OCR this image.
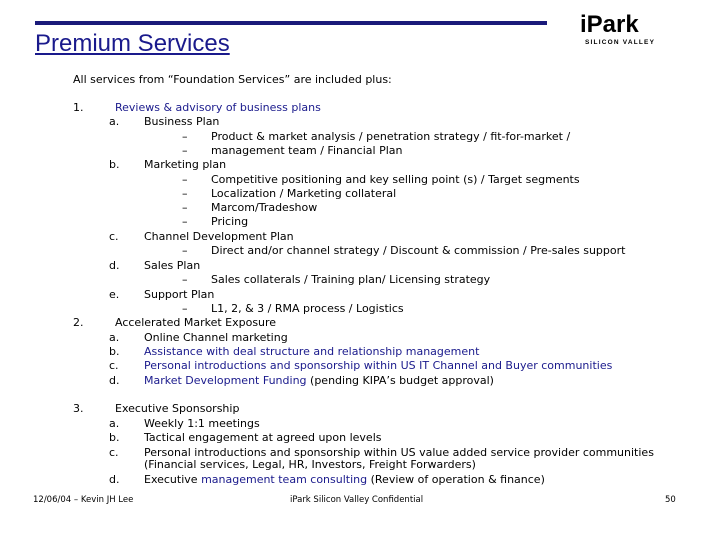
Premium Services
iPark
SILICON VALLEY
All services from “Foundation Services” are included plus:
1.	Reviews & advisory of business plans
a. Business Plan
– Product & market analysis / penetration strategy / fit-for-market /
– management team / Financial Plan
b. Marketing plan
– Competitive positioning and key selling point (s) / Target segments
– Localization / Marketing collateral
– Marcom/Tradeshow
– Pricing
c. Channel Development Plan
– Direct and/or channel strategy / Discount & commission / Pre-sales support
d. Sales Plan
– Sales collaterals / Training plan/ Licensing strategy
e. Support Plan
– L1, 2, & 3 / RMA process / Logistics
2.	Accelerated Market Exposure
a. Online Channel marketing
b. Assistance with deal structure and relationship management
c. Personal introductions and sponsorship within US IT Channel and Buyer communities
d. Market Development Funding (pending KIPA’s budget approval)
3.	Executive Sponsorship
a. Weekly 1:1 meetings
b. Tactical engagement at agreed upon levels
c. Personal introductions and sponsorship within US value added service provider communities
(Financial services, Legal, HR, Investors, Freight Forwarders)
d. Executive management team consulting (Review of operation & finance)
12/06/04 – Kevin JH Lee	iPark Silicon Valley Confidential	50
